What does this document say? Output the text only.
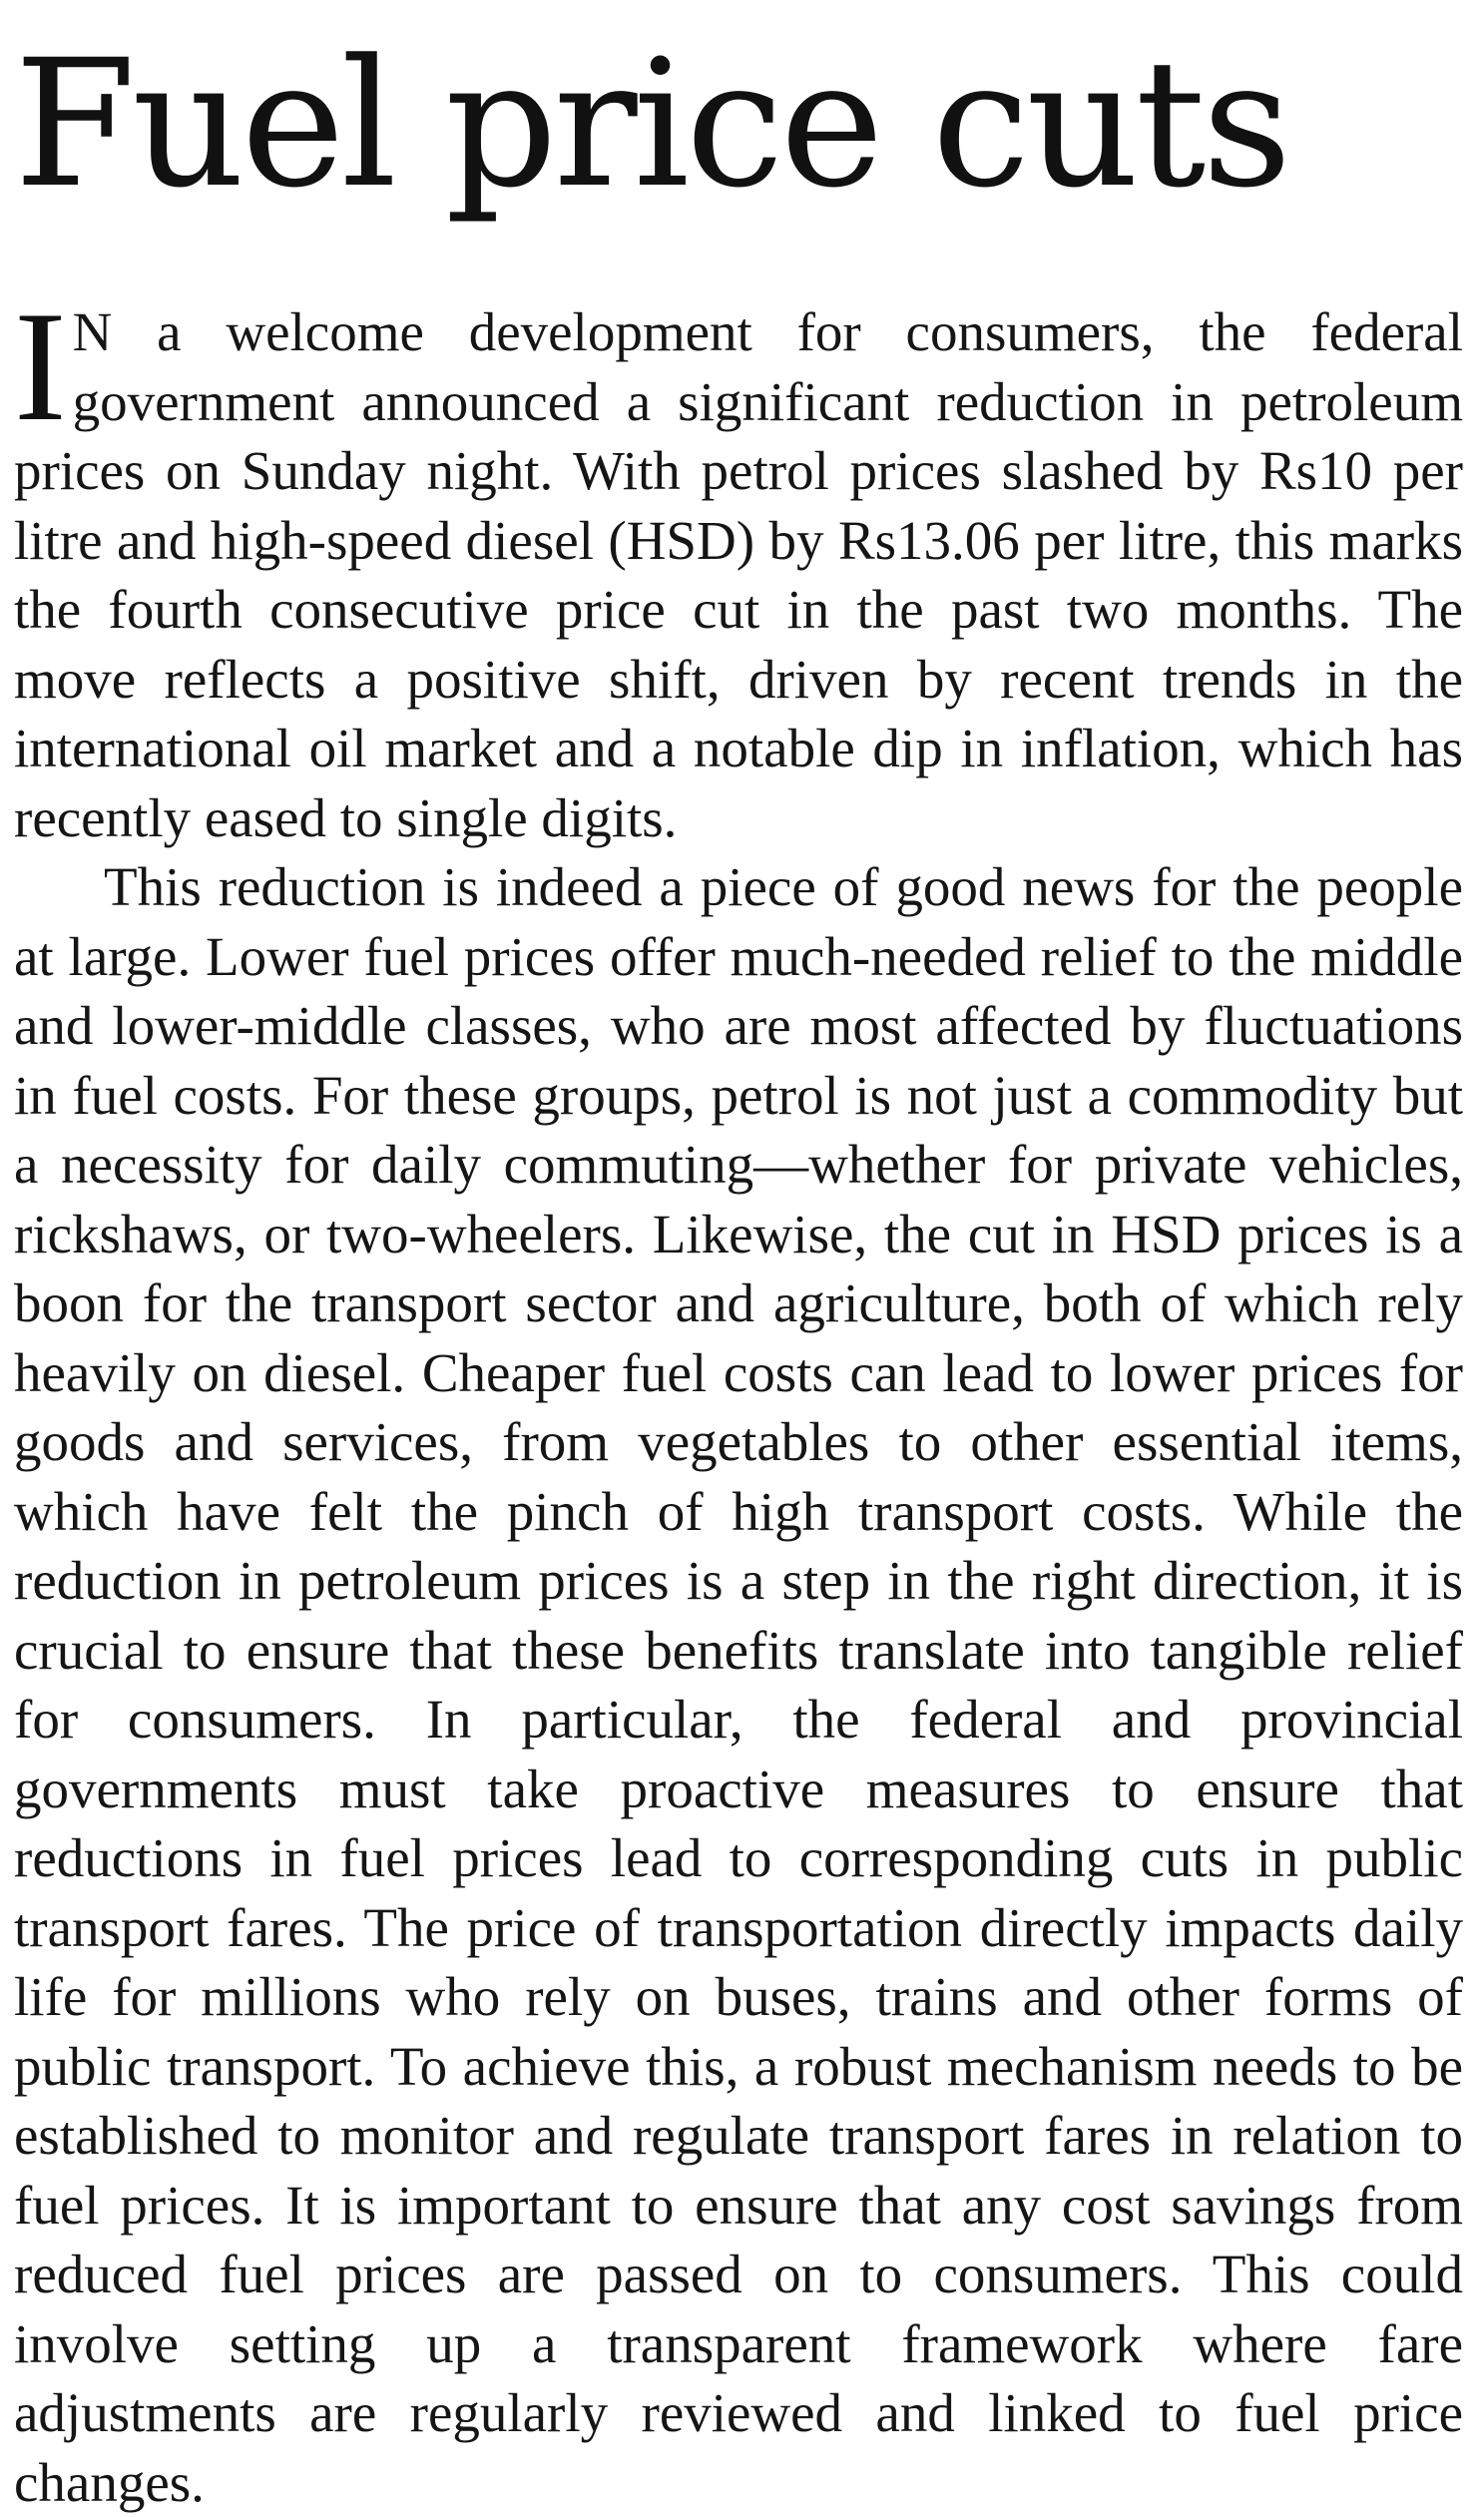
Fuel price cuts

I N a welcome development for consumers, the federal government announced a significant reduction in petroleum prices on Sunday night. With petrol prices slashed by Rs10 per litre and high-speed diesel (HSD) by Rs13.06 per litre, this marks the fourth consecutive price cut in the past two months. The move reflects a positive shift, driven by recent trends in the international oil market and a notable dip in inflation, which has recently eased to single digits.

This reduction is indeed a piece of good news for the people at large. Lower fuel prices offer much-needed relief to the middle and lower-middle classes, who are most affected by fluctuations in fuel costs. For these groups, petrol is not just a commodity but a necessity for daily commuting—whether for private vehicles, rickshaws, or two-wheelers. Likewise, the cut in HSD prices is a boon for the transport sector and agriculture, both of which rely heavily on diesel. Cheaper fuel costs can lead to lower prices for goods and services, from vegetables to other essential items, which have felt the pinch of high transport costs. While the reduction in petroleum prices is a step in the right direction, it is crucial to ensure that these benefits translate into tangible relief for consumers. In particular, the federal and provincial governments must take proactive measures to ensure that reductions in fuel prices lead to corresponding cuts in public transport fares. The price of transportation directly impacts daily life for millions who rely on buses, trains and other forms of public transport. To achieve this, a robust mechanism needs to be established to monitor and regulate transport fares in relation to fuel prices. It is important to ensure that any cost savings from reduced fuel prices are passed on to consumers. This could involve setting up a transparent framework where fare adjustments are regularly reviewed and linked to fuel price changes.
